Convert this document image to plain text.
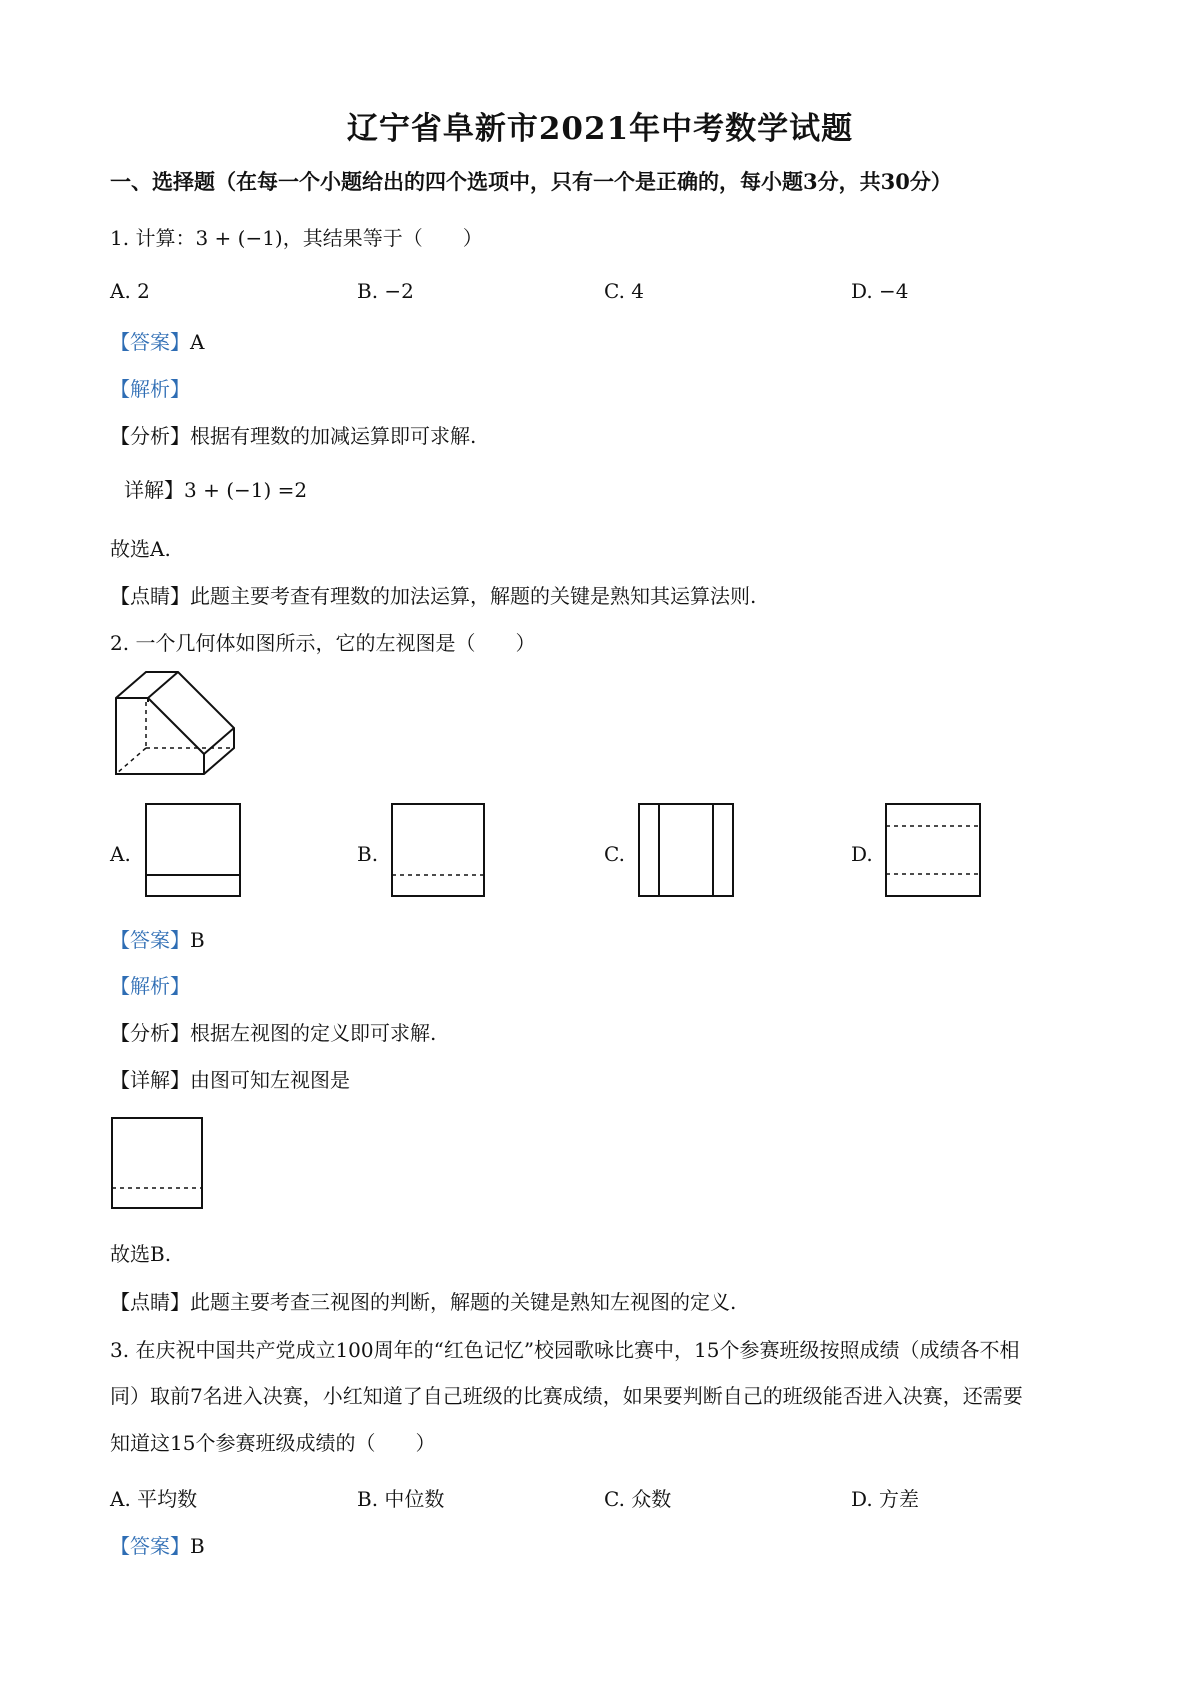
辽宁省阜新市2021年中考数学试题
一、选择题（在每一个小题给出的四个选项中，只有一个是正确的，每小题3分，共30分）
1. 计算：3 + (−1)，其结果等于（　　）
A. 2	B. −2	C. 4	D. −4
【答案】A
【解析】
【分析】根据有理数的加减运算即可求解.
详解】3 + (−1) =2
故选A.
【点睛】此题主要考查有理数的加法运算，解题的关键是熟知其运算法则.
2. 一个几何体如图所示，它的左视图是（　　）
A.	B.	C.	D.
【答案】B
【解析】
【分析】根据左视图的定义即可求解.
【详解】由图可知左视图是
故选B.
【点睛】此题主要考查三视图的判断，解题的关键是熟知左视图的定义.
3. 在庆祝中国共产党成立100周年的“红色记忆”校园歌咏比赛中，15个参赛班级按照成绩（成绩各不相
同）取前7名进入决赛，小红知道了自己班级的比赛成绩，如果要判断自己的班级能否进入决赛，还需要
知道这15个参赛班级成绩的（　　）
A. 平均数	B. 中位数	C. 众数	D. 方差
【答案】B
